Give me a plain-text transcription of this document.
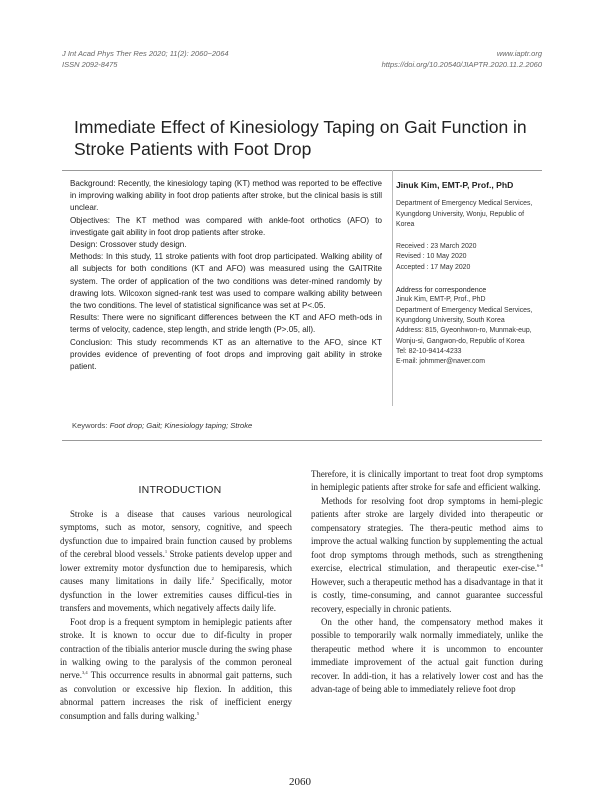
J Int Acad Phys Ther Res 2020; 11(2): 2060~2064
ISSN 2092-8475
www.iaptr.org
https://doi.org/10.20540/JIAPTR.2020.11.2.2060
Immediate Effect of Kinesiology Taping on Gait Function in Stroke Patients with Foot Drop

Background: Recently, the kinesiology taping (KT) method was reported to be effective in improving walking ability in foot drop patients after stroke, but the clinical basis is still unclear.

Objectives: The KT method was compared with ankle-foot orthotics (AFO) to investigate gait ability in foot drop patients after stroke.

Design: Crossover study design.

Methods: In this study, 11 stroke patients with foot drop participated. Walking ability of all subjects for both conditions (KT and AFO) was measured using the GAITRite system. The order of application of the two conditions was deter-mined randomly by drawing lots. Wilcoxon signed-rank test was used to compare walking ability between the two conditions. The level of statistical significance was set at P<.05.

Results: There were no significant differences between the KT and AFO meth-ods in terms of velocity, cadence, step length, and stride length (P>.05, all).

Conclusion: This study recommends KT as an alternative to the AFO, since KT provides evidence of preventing of foot drops and improving gait ability in stroke patient.

Jinuk Kim, EMT-P, Prof., PhD

Department of Emergency Medical Services, Kyungdong University, Wonju, Republic of Korea

Received : 23 March 2020

Revised : 10 May 2020

Accepted : 17 May 2020

Address for correspondence

Jinuk Kim, EMT-P, Prof., PhD

Department of Emergency Medical Services,

Kyungdong University, South Korea

Address: 815, Gyeonhwon-ro, Munmak-eup, Wonju-si, Gangwon-do, Republic of Korea

Tel: 82-10-9414-4233

E-mail: johmmer@naver.com

Keywords: Foot drop; Gait; Kinesiology taping; Stroke
INTRODUCTION

Stroke is a disease that causes various neurological symptoms, such as motor, sensory, cognitive, and speech dysfunction due to impaired brain function caused by problems of the cerebral blood vessels.$^1$ Stroke patients develop upper and lower extremity motor dysfunction due to hemiparesis, which causes many limitations in daily life.$^2$ Specifically, motor dysfunction in the lower extremities causes difficul-ties in transfers and movements, which negatively affects daily life.

Foot drop is a frequent symptom in hemiplegic patients after stroke. It is known to occur due to dif-ficulty in proper contraction of the tibialis anterior muscle during the swing phase in walking owing to the paralysis of the common peroneal nerve.$^{3,4}$ This occurrence results in abnormal gait patterns, such as convolution or excessive hip flexion. In addition, this abnormal pattern increases the risk of inefficient energy consumption and falls during walking.$^5$

Therefore, it is clinically important to treat foot drop symptoms in hemiplegic patients after stroke for safe and efficient walking.

Methods for resolving foot drop symptoms in hemi-plegic patients after stroke are largely divided into therapeutic or compensatory strategies. The thera-peutic method aims to improve the actual walking function by supplementing the actual foot drop symptoms through methods, such as strengthening exercise, electrical stimulation, and therapeutic exer-cise.$^{6-8}$ However, such a therapeutic method has a disadvantage in that it is costly, time-consuming, and cannot guarantee successful recovery, especially in chronic patients.

On the other hand, the compensatory method makes it possible to temporarily walk normally immediately, unlike the therapeutic method where it is uncommon to encounter immediate improvement of the actual gait function during recover. In addi-tion, it has a relatively lower cost and has the advan-tage of being able to immediately relieve foot drop

2060
